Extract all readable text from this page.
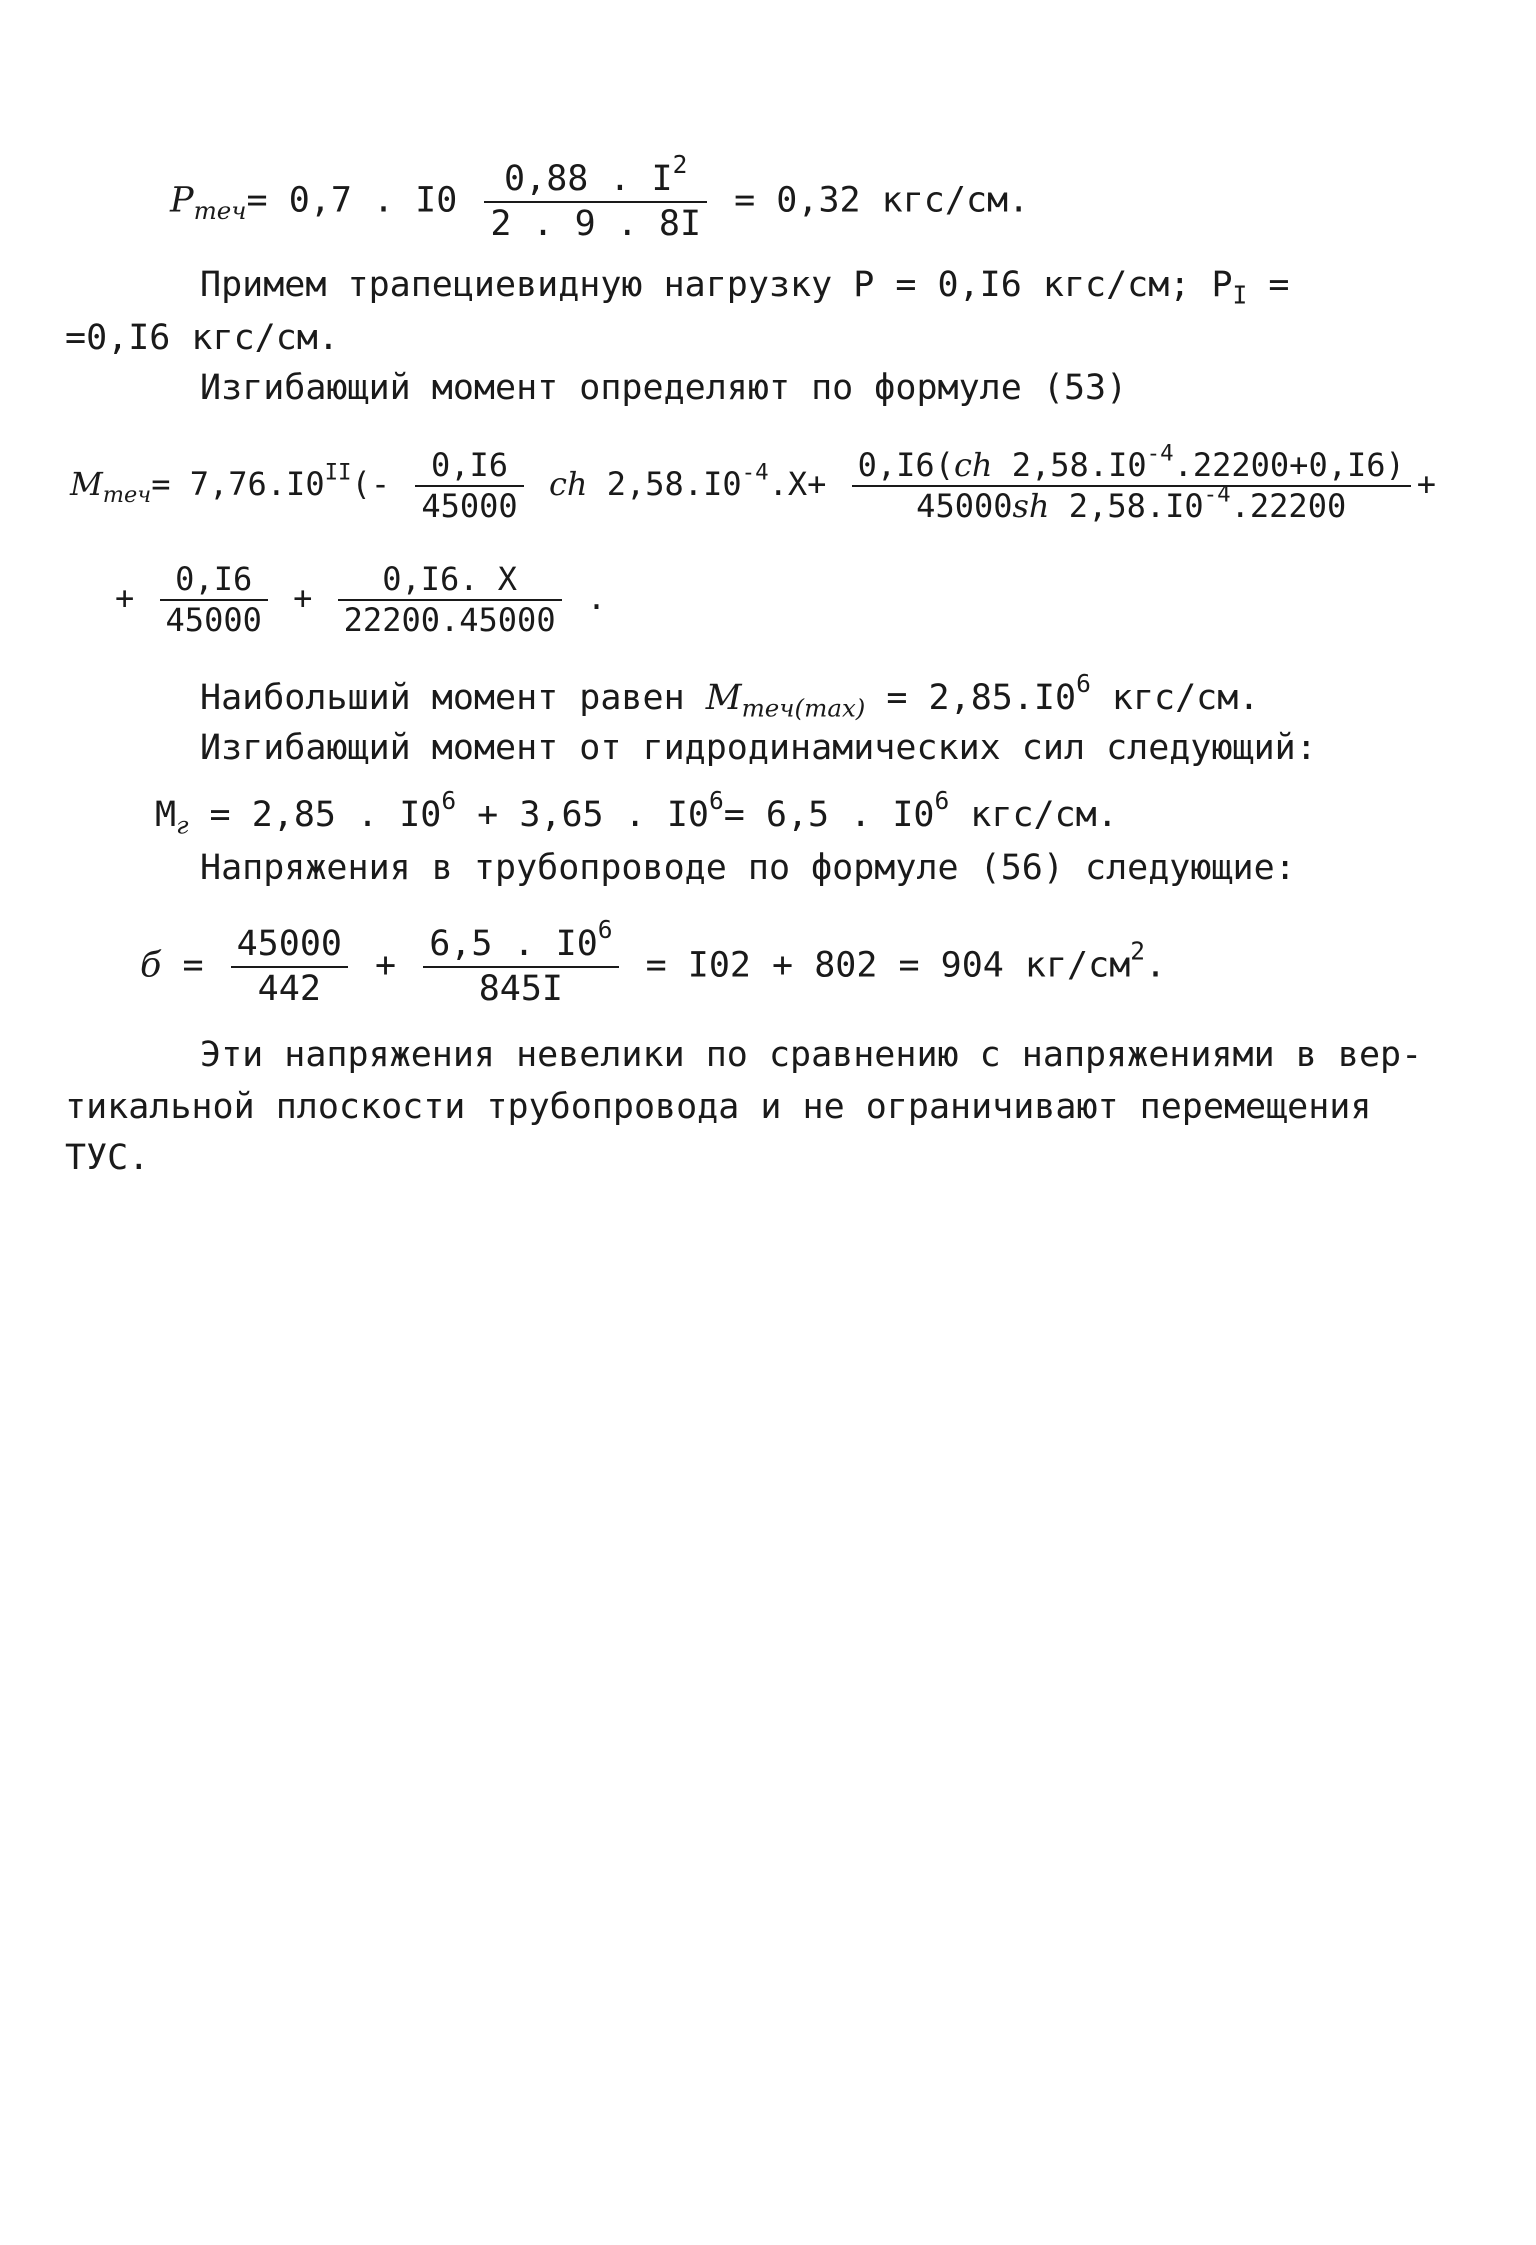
$P_{теч}= 0,7$ . $I0 \frac{0,88 . I^2}{2 . 9 . 8I} = 0,32$ кгс/см.
Примем трапециевидную нагрузку P = 0,I6 кгс/см; $P_I$ =
=0,I6 кгс/см.
Изгибающий момент определяют по формуле (53)
$M_{теч}= 7,76.I0^{II}(- \frac{0,I6}{45000}$ ch $2,58.I0^{-4}.X+ \frac{0,I6(ch 2,58.I0^{-4}.22200+0,I6)}{45000sh 2,58.I0^{-4}.22200}$ +
+ $\frac{0,I6}{45000} + \frac{0,I6. X}{22200.45000}$ .
Наибольший момент равен $M_{теч(max)} = 2,85.I0^6$ кгс/см.
Изгибающий момент от гидродинамических сил следующий:
$M_г = 2,85$ . $I0^6 + 3,65$ . $I0^6= 6,5$ . $I0^6$ кгс/см.
Напряжения в трубопроводе по формуле (56) следующие:
$б = \frac{45000}{442} + \frac{6,5 . I0^6}{845I} = I02 + 802 = 904$ $кг/см^2$.
Эти напряжения невелики по сравнению с напряжениями в вер-
тикальной плоскости трубопровода и не ограничивают перемещения
ТУС.
